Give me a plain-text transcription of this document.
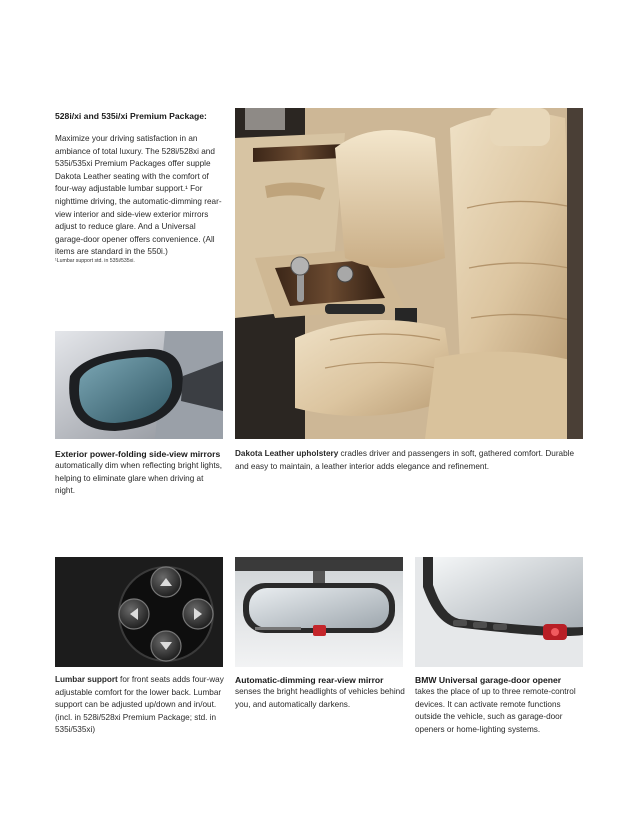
528i/xi and 535i/xi Premium Package:
Maximize your driving satisfaction in an ambiance of total luxury. The 528i/528xi and 535i/535xi Premium Packages offer supple Dakota Leather seating with the comfort of four-way adjustable lumbar support.¹ For nighttime driving, the automatic-dimming rear-view interior and side-view exterior mirrors adjust to reduce glare. And a Universal garage-door opener offers convenience. (All items are standard in the 550i.)
¹Lumbar support std. in 535i/535xi.
Exterior power-folding side-view mirrors
automatically dim when reflecting bright lights, helping to eliminate glare when driving at night.
Dakota Leather upholstery cradles driver and passengers in soft, gathered comfort. Durable and easy to maintain, a leather interior adds elegance and refinement.
Lumbar support for front seats adds four-way adjustable comfort for the lower back. Lumbar support can be adjusted up/down and in/out. (incl. in 528i/528xi Premium Package; std. in 535i/535xi)
Automatic-dimming rear-view mirror
senses the bright headlights of vehicles behind you, and automatically darkens.
BMW Universal garage-door opener
takes the place of up to three remote-control devices. It can activate remote functions outside the vehicle, such as garage-door openers or home-lighting systems.
